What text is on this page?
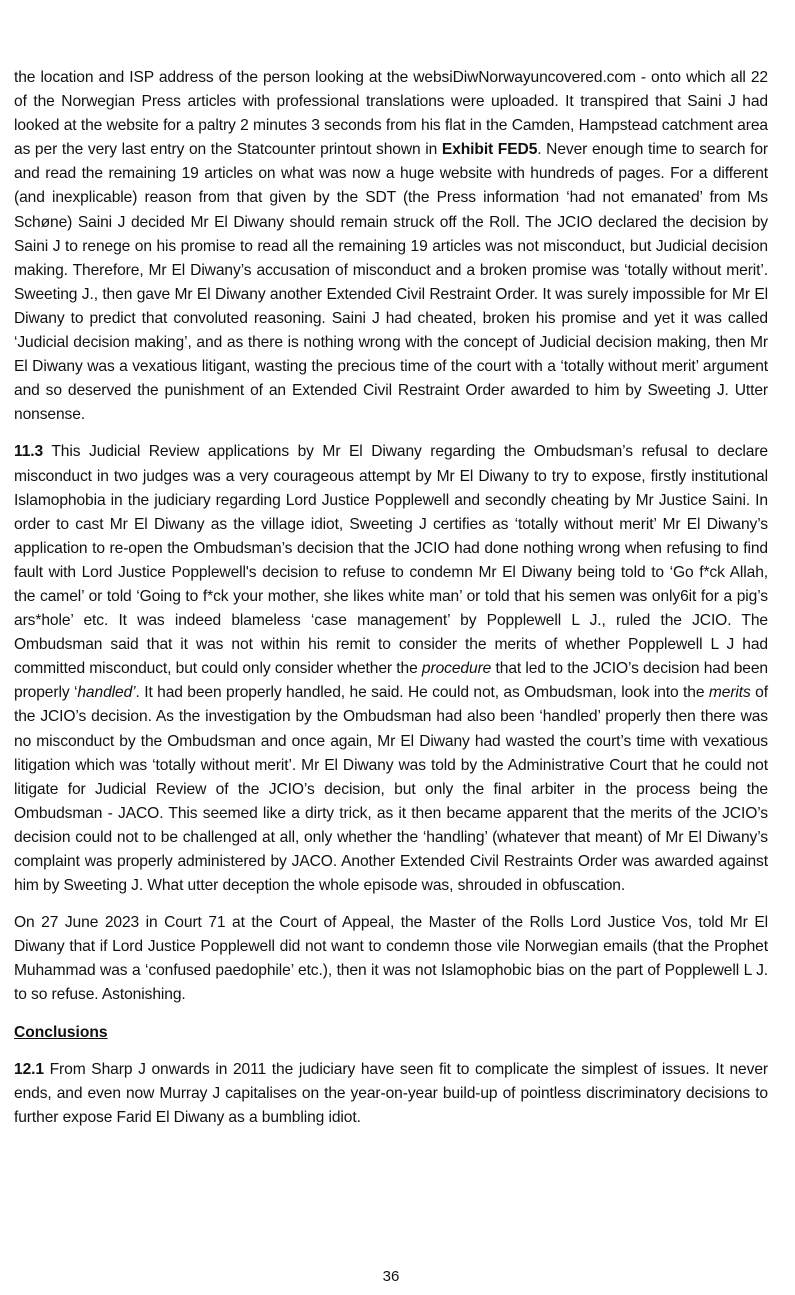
the location and ISP address of the person looking at the websiDiwNorwayuncovered.com - onto which all 22 of the Norwegian Press articles with professional translations were uploaded. It transpired that Saini J had looked at the website for a paltry 2 minutes 3 seconds from his flat in the Camden, Hampstead catchment area as per the very last entry on the Statcounter printout shown in Exhibit FED5. Never enough time to search for and read the remaining 19 articles on what was now a huge website with hundreds of pages. For a different (and inexplicable) reason from that given by the SDT (the Press information ‘had not emanated’ from Ms Schøne) Saini J decided Mr El Diwany should remain struck off the Roll. The JCIO declared the decision by Saini J to renege on his promise to read all the remaining 19 articles was not misconduct, but Judicial decision making. Therefore, Mr El Diwany’s accusation of misconduct and a broken promise was ‘totally without merit’. Sweeting J., then gave Mr El Diwany another Extended Civil Restraint Order. It was surely impossible for Mr El Diwany to predict that convoluted reasoning. Saini J had cheated, broken his promise and yet it was called ‘Judicial decision making’, and as there is nothing wrong with the concept of Judicial decision making, then Mr El Diwany was a vexatious litigant, wasting the precious time of the court with a ‘totally without merit’ argument and so deserved the punishment of an Extended Civil Restraint Order awarded to him by Sweeting J. Utter nonsense.

11.3 This Judicial Review applications by Mr El Diwany regarding the Ombudsman’s refusal to declare misconduct in two judges was a very courageous attempt by Mr El Diwany to try to expose, firstly institutional Islamophobia in the judiciary regarding Lord Justice Popplewell and secondly cheating by Mr Justice Saini. In order to cast Mr El Diwany as the village idiot, Sweeting J certifies as ‘totally without merit’ Mr El Diwany’s application to re-open the Ombudsman’s decision that the JCIO had done nothing wrong when refusing to find fault with Lord Justice Popplewell's decision to refuse to condemn Mr El Diwany being told to ‘Go f*ck Allah, the camel’ or told ‘Going to f*ck your mother, she likes white man’ or told that his semen was only6it for a pig’s ars*hole’ etc. It was indeed blameless ‘case management’ by Popplewell L J., ruled the JCIO. The Ombudsman said that it was not within his remit to consider the merits of whether Popplewell L J had committed misconduct, but could only consider whether the procedure that led to the JCIO’s decision had been properly ‘handled’. It had been properly handled, he said. He could not, as Ombudsman, look into the merits of the JCIO’s decision. As the investigation by the Ombudsman had also been ‘handled’ properly then there was no misconduct by the Ombudsman and once again, Mr El Diwany had wasted the court’s time with vexatious litigation which was ‘totally without merit’. Mr El Diwany was told by the Administrative Court that he could not litigate for Judicial Review of the JCIO’s decision, but only the final arbiter in the process being the Ombudsman - JACO. This seemed like a dirty trick, as it then became apparent that the merits of the JCIO’s decision could not to be challenged at all, only whether the ‘handling’ (whatever that meant) of Mr El Diwany’s complaint was properly administered by JACO. Another Extended Civil Restraints Order was awarded against him by Sweeting J. What utter deception the whole episode was, shrouded in obfuscation.

On 27 June 2023 in Court 71 at the Court of Appeal, the Master of the Rolls Lord Justice Vos, told Mr El Diwany that if Lord Justice Popplewell did not want to condemn those vile Norwegian emails (that the Prophet Muhammad was a ‘confused paedophile’ etc.), then it was not Islamophobic bias on the part of Popplewell L J. to so refuse. Astonishing.

Conclusions

12.1 From Sharp J onwards in 2011 the judiciary have seen fit to complicate the simplest of issues. It never ends, and even now Murray J capitalises on the year-on-year build-up of pointless discriminatory decisions to further expose Farid El Diwany as a bumbling idiot.

36
